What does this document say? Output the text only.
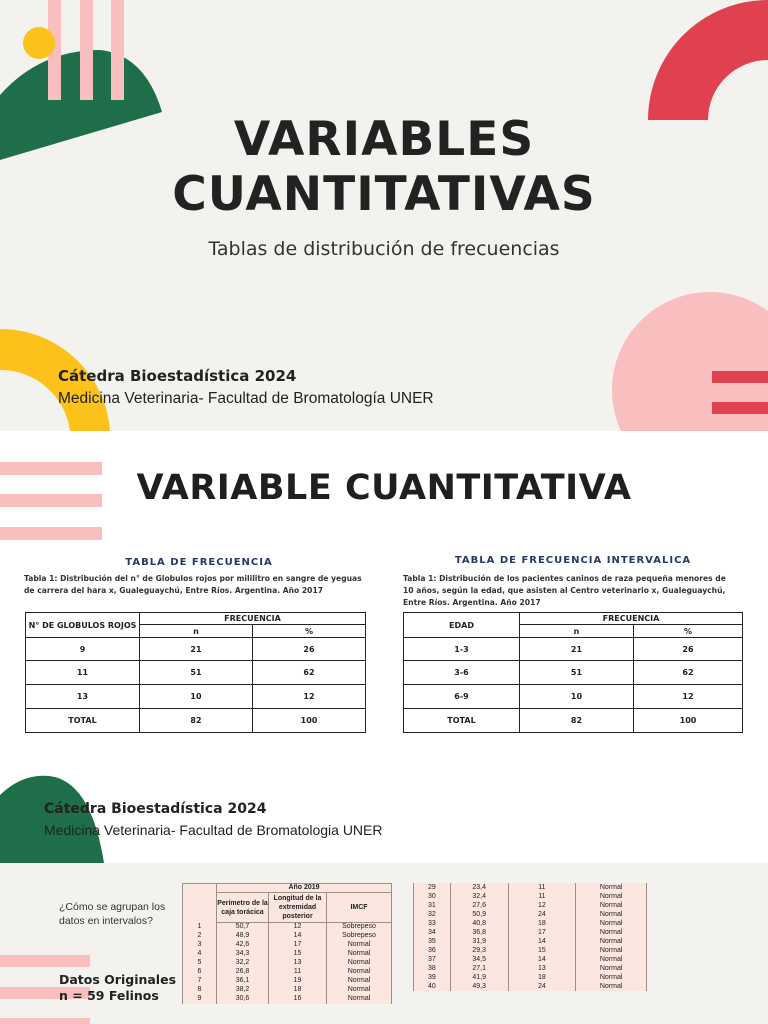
VARIABLES
CUANTITATIVAS
Tablas de distribución de frecuencias
Cátedra Bioestadística 2024
Medicina Veterinaria- Facultad de Bromatología UNER
VARIABLE CUANTITATIVA
TABLA DE FRECUENCIA
Tabla 1: Distribución del n° de Globulos rojos por mililitro en sangre de yeguas de carrera del hara x, Gualeguaychú, Entre Ríos. Argentina. Año 2017
N° DE GLOBULOS ROJOS	FRECUENCIA	
	n	%
9	21	26
11	51	62
13	10	12
TOTAL	82	100
TABLA DE FRECUENCIA INTERVALICA
Tabla 1: Distribución de los pacientes caninos de raza pequeña menores de 10 años, según la edad, que asisten al Centro veterinario x, Gualeguaychú, Entre Ríos. Argentina. Año 2017
EDAD	FRECUENCIA	
	n	%
1-3	21	26
3-6	51	62
6-9	10	12
TOTAL	82	100
Cátedra Bioestadística 2024
Medicina Veterinaria- Facultad de Bromatologia UNER
¿Cómo se agrupan los datos en intervalos?
Datos Originales
n = 59 Felinos
	Año 2019		
	Perímetro de la caja torácica	Longitud de la extremidad posterior	IMCF
1	50,7	12	Sobrepeso
2	48,9	14	Sobrepeso
3	42,6	17	Normal
4	34,3	15	Normal
5	32,2	13	Normal
6	26,8	11	Normal
7	36,1	19	Normal
8	38,2	18	Normal
9	30,6	16	Normal
29	23,4	11	Normal
30	32,4	11	Normal
31	27,6	12	Normal
32	50,9	24	Normal
33	40,8	18	Normal
34	36,8	17	Normal
35	31,9	14	Normal
36	29,3	15	Normal
37	34,5	14	Normal
38	27,1	13	Normal
39	41,9	18	Normal
40	49,3	24	Normal
